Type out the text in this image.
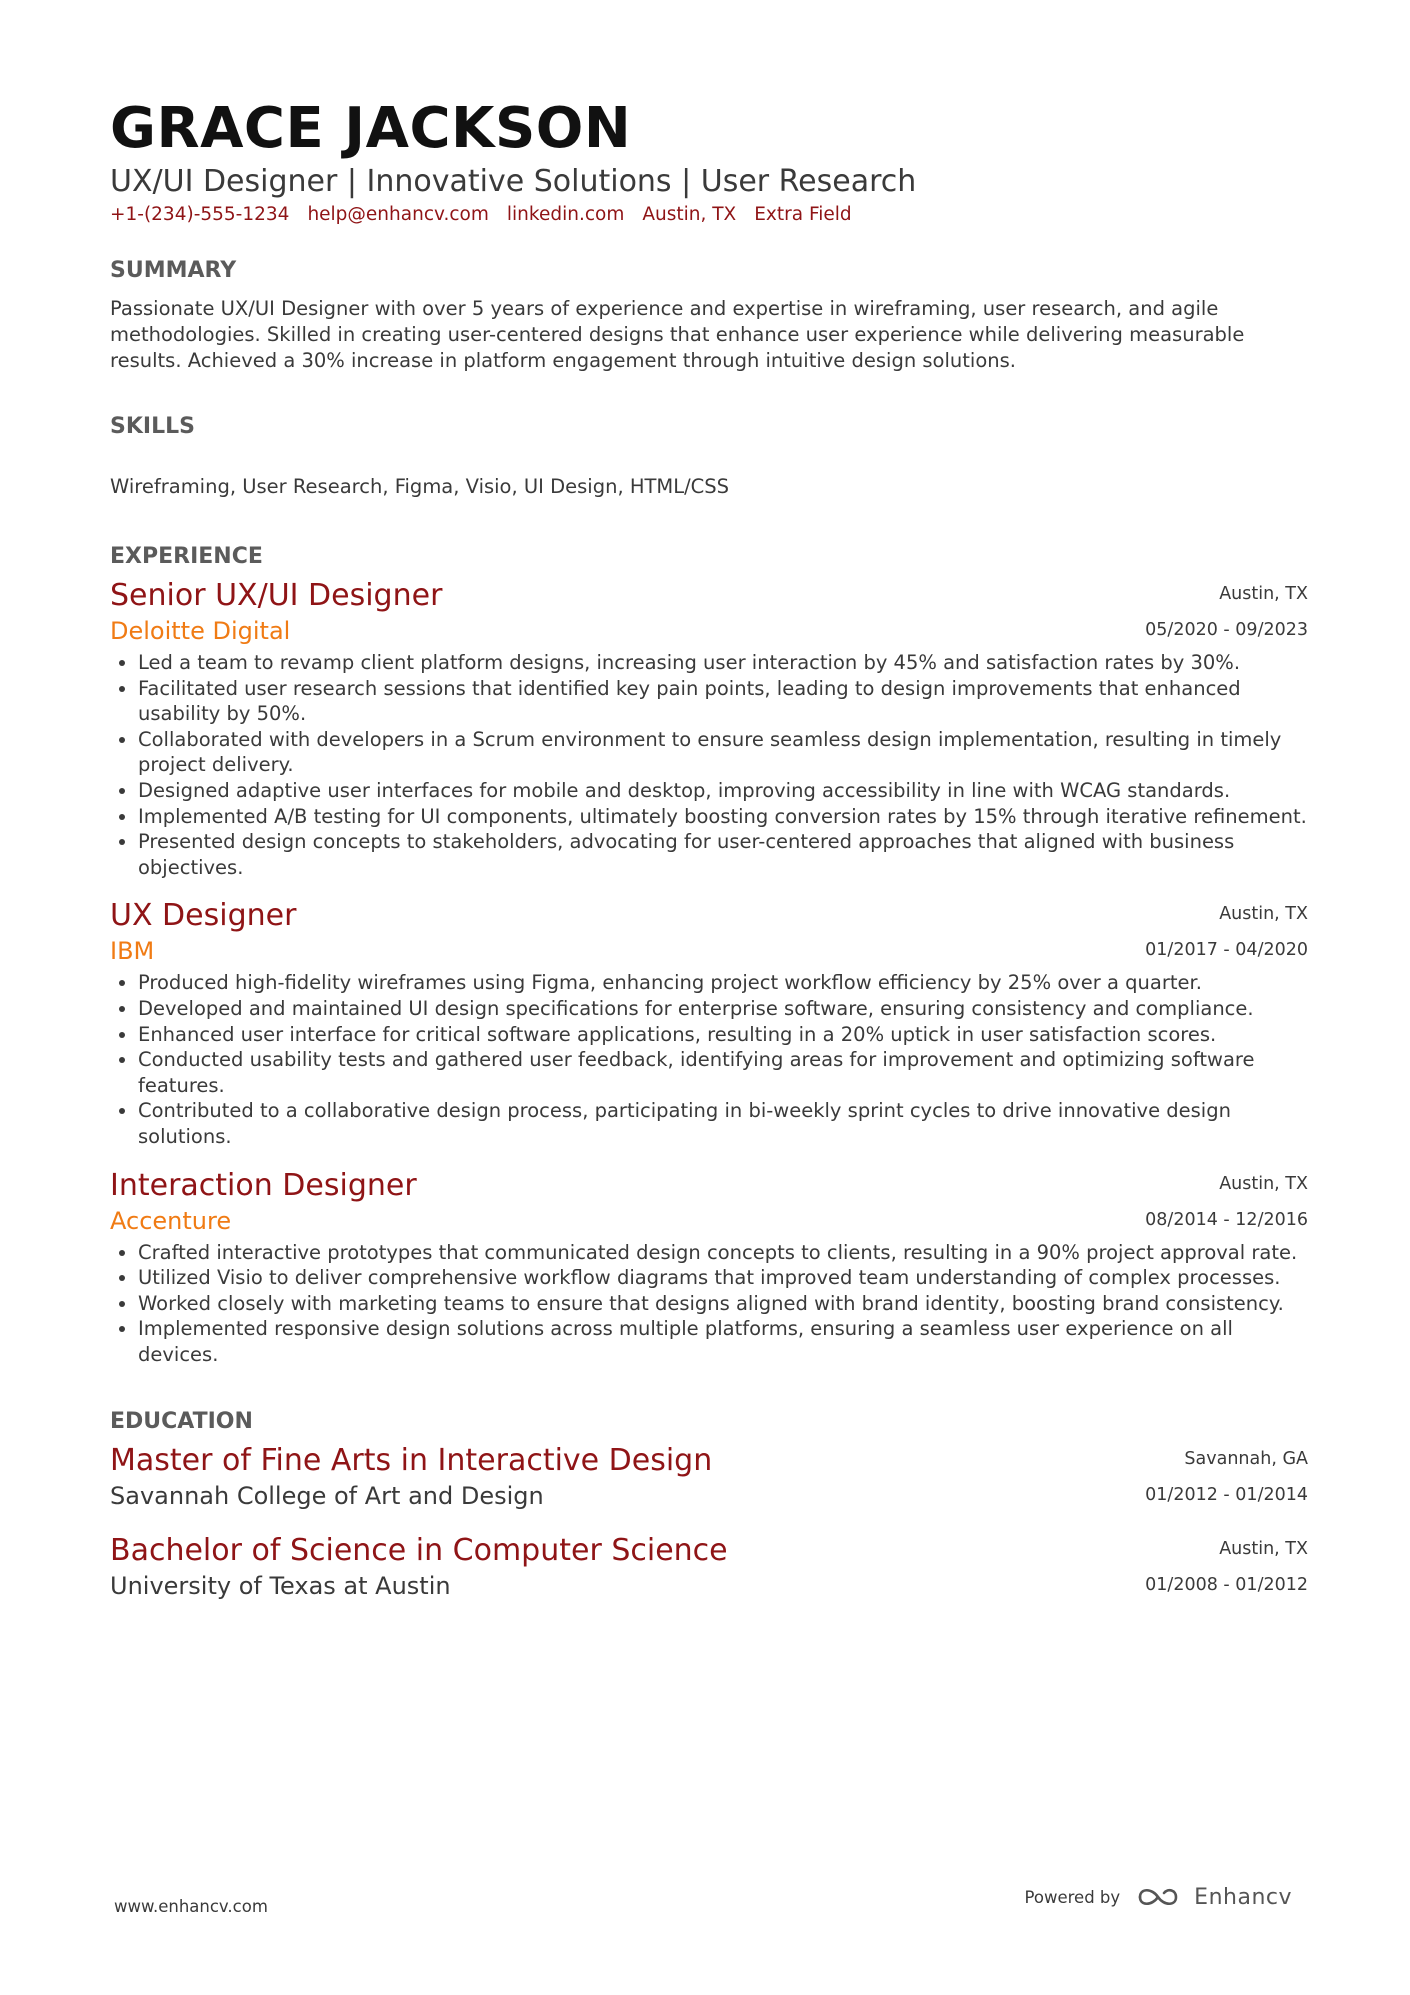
GRACE JACKSON
UX/UI Designer | Innovative Solutions | User Research
+1-(234)-555-1234 help@enhancv.com linkedin.com Austin, TX Extra Field
SUMMARY
Passionate UX/UI Designer with over 5 years of experience and expertise in wireframing, user research, and agile methodologies. Skilled in creating user-centered designs that enhance user experience while delivering measurable results. Achieved a 30% increase in platform engagement through intuitive design solutions.
SKILLS
Wireframing, User Research, Figma, Visio, UI Design, HTML/CSS
EXPERIENCE
Senior UX/UI Designer
Deloitte Digital
Austin, TX
05/2020 - 09/2023
• Led a team to revamp client platform designs, increasing user interaction by 45% and satisfaction rates by 30%.
• Facilitated user research sessions that identified key pain points, leading to design improvements that enhanced usability by 50%.
• Collaborated with developers in a Scrum environment to ensure seamless design implementation, resulting in timely project delivery.
• Designed adaptive user interfaces for mobile and desktop, improving accessibility in line with WCAG standards.
• Implemented A/B testing for UI components, ultimately boosting conversion rates by 15% through iterative refinement.
• Presented design concepts to stakeholders, advocating for user-centered approaches that aligned with business objectives.
UX Designer
IBM
Austin, TX
01/2017 - 04/2020
• Produced high-fidelity wireframes using Figma, enhancing project workflow efficiency by 25% over a quarter.
• Developed and maintained UI design specifications for enterprise software, ensuring consistency and compliance.
• Enhanced user interface for critical software applications, resulting in a 20% uptick in user satisfaction scores.
• Conducted usability tests and gathered user feedback, identifying areas for improvement and optimizing software features.
• Contributed to a collaborative design process, participating in bi-weekly sprint cycles to drive innovative design solutions.
Interaction Designer
Accenture
Austin, TX
08/2014 - 12/2016
• Crafted interactive prototypes that communicated design concepts to clients, resulting in a 90% project approval rate.
• Utilized Visio to deliver comprehensive workflow diagrams that improved team understanding of complex processes.
• Worked closely with marketing teams to ensure that designs aligned with brand identity, boosting brand consistency.
• Implemented responsive design solutions across multiple platforms, ensuring a seamless user experience on all devices.
EDUCATION
Master of Fine Arts in Interactive Design
Savannah College of Art and Design
Savannah, GA
01/2012 - 01/2014
Bachelor of Science in Computer Science
University of Texas at Austin
Austin, TX
01/2008 - 01/2012
www.enhancv.com	Powered by	Enhancv
